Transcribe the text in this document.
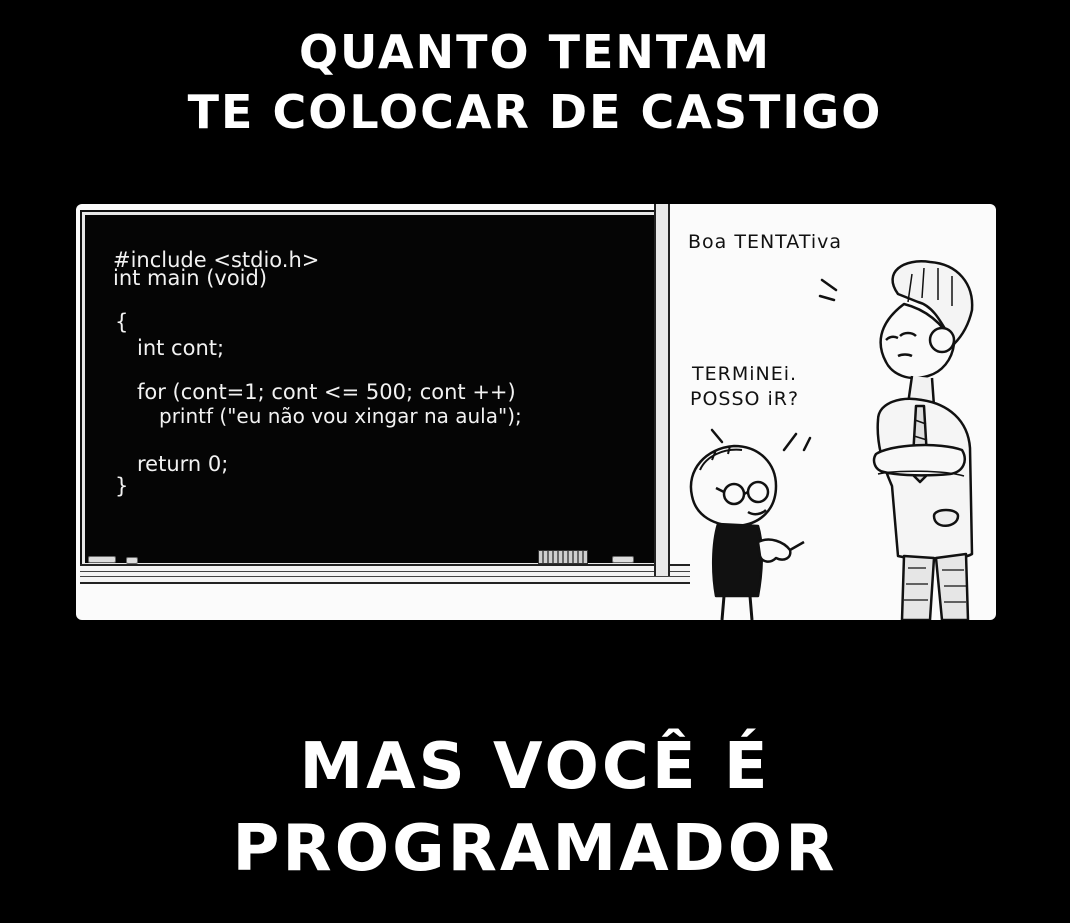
QUANTO TENTAM
TE COLOCAR DE CASTIGO
#include <stdio.h>
int main (void)
{
int cont;
for (cont=1; cont <= 500; cont ++)
printf ("eu não vou xingar na aula");
return 0;
}
Boa TENTATiva
TERMiNEi.
POSSO iR?
MAS VOCÊ É
PROGRAMADOR
